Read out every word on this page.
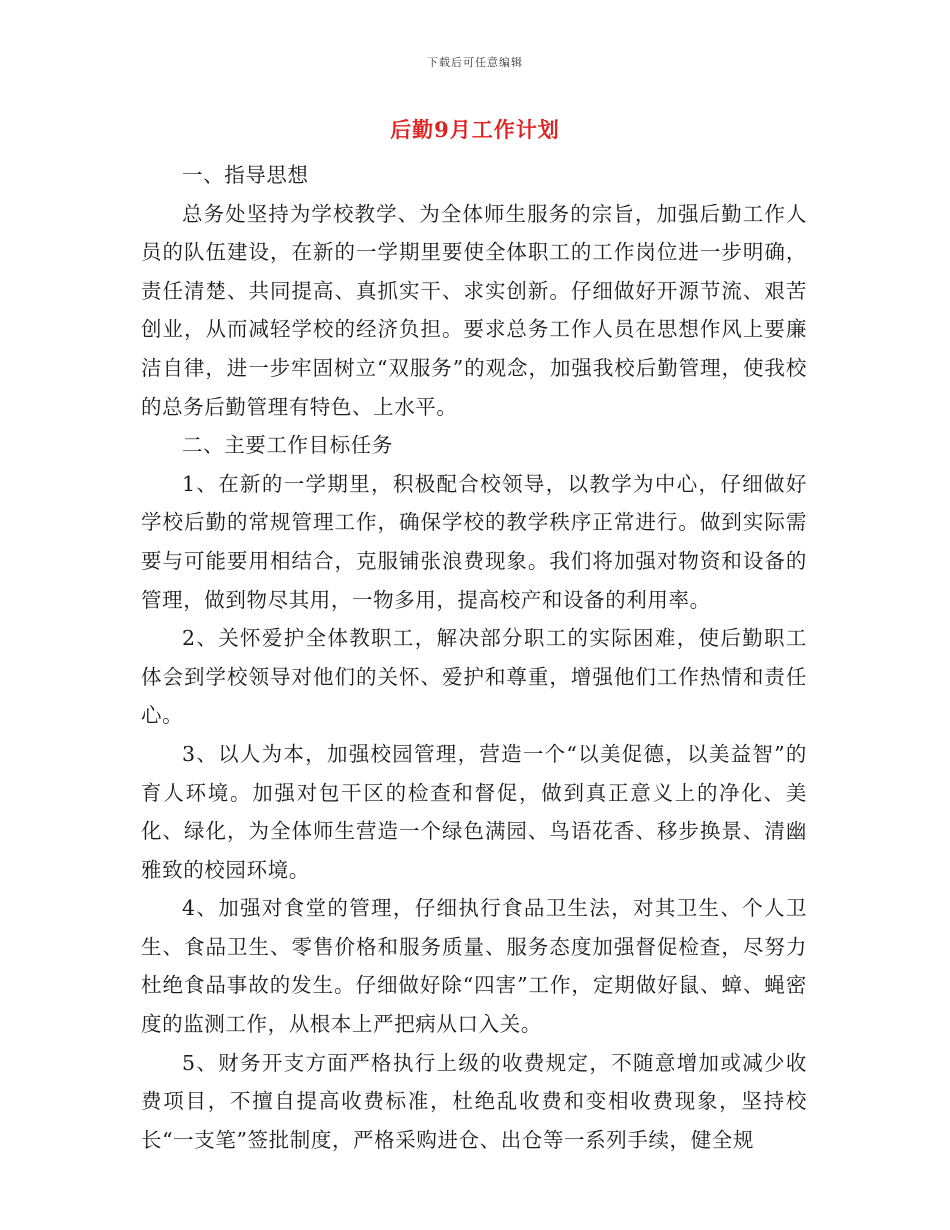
下载后可任意编辑
后勤9月工作计划

一、指导思想

总务处坚持为学校教学、为全体师生服务的宗旨，加强后勤工作人员的队伍建设，在新的一学期里要使全体职工的工作岗位进一步明确，责任清楚、共同提高、真抓实干、求实创新。仔细做好开源节流、艰苦创业，从而减轻学校的经济负担。要求总务工作人员在思想作风上要廉洁自律，进一步牢固树立“双服务”的观念，加强我校后勤管理，使我校的总务后勤管理有特色、上水平。

二、主要工作目标任务

1、在新的一学期里，积极配合校领导，以教学为中心，仔细做好学校后勤的常规管理工作，确保学校的教学秩序正常进行。做到实际需要与可能要用相结合，克服铺张浪费现象。我们将加强对物资和设备的管理，做到物尽其用，一物多用，提高校产和设备的利用率。

2、关怀爱护全体教职工，解决部分职工的实际困难，使后勤职工体会到学校领导对他们的关怀、爱护和尊重，增强他们工作热情和责任心。

3、以人为本，加强校园管理，营造一个“以美促德，以美益智”的育人环境。加强对包干区的检查和督促，做到真正意义上的净化、美化、绿化，为全体师生营造一个绿色满园、鸟语花香、移步换景、清幽雅致的校园环境。

4、加强对食堂的管理，仔细执行食品卫生法，对其卫生、个人卫生、食品卫生、零售价格和服务质量、服务态度加强督促检查，尽努力杜绝食品事故的发生。仔细做好除“四害”工作，定期做好鼠、蟑、蝇密度的监测工作，从根本上严把病从口入关。

5、财务开支方面严格执行上级的收费规定，不随意增加或减少收费项目，不擅自提高收费标准，杜绝乱收费和变相收费现象，坚持校长“一支笔”签批制度，严格采购进仓、出仓等一系列手续，健全规
